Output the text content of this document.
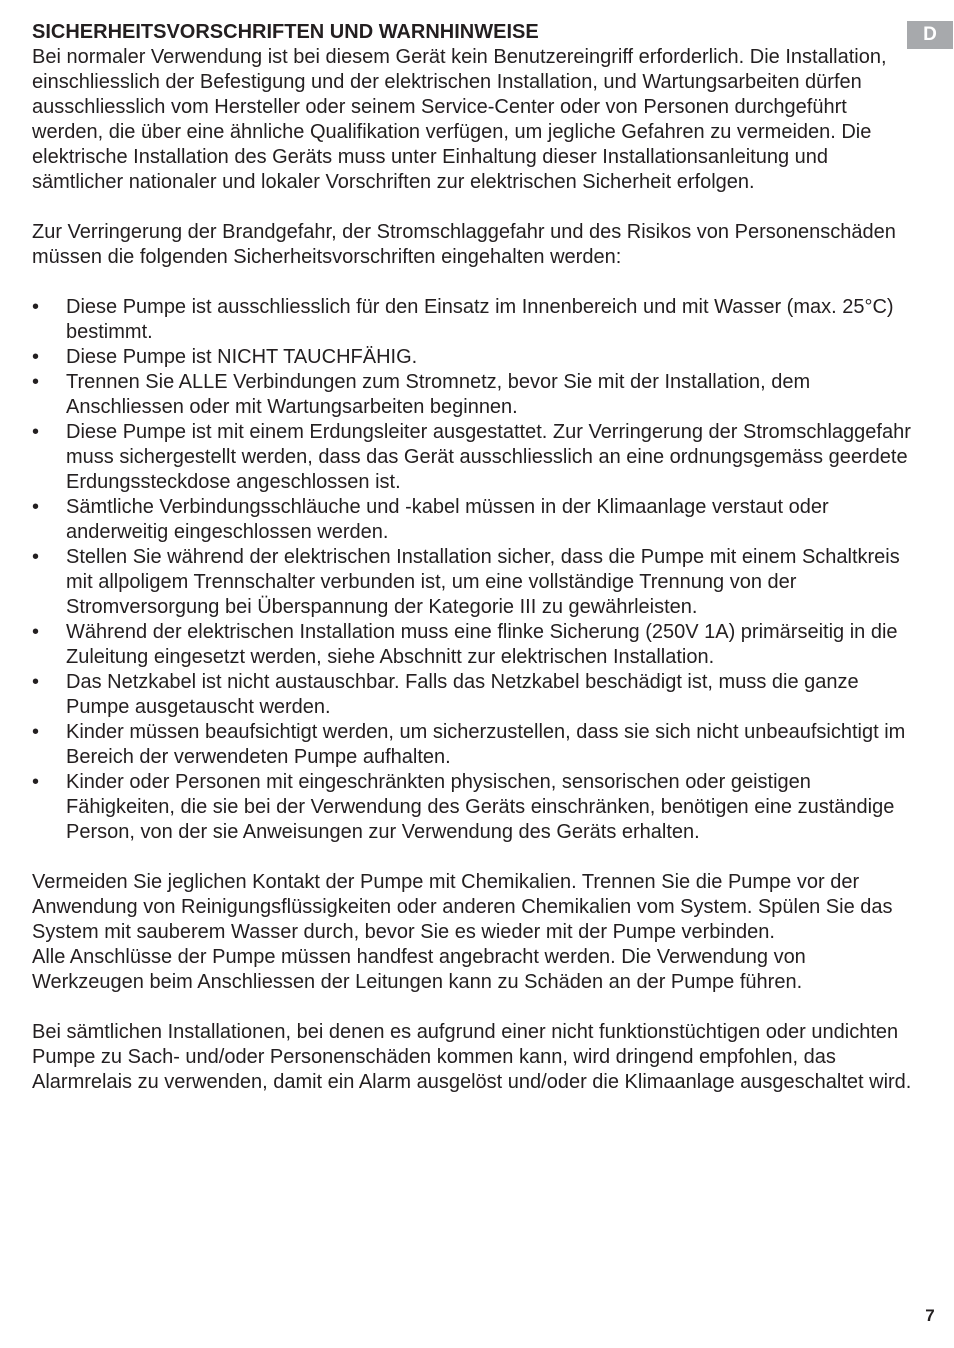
D
SICHERHEITSVORSCHRIFTEN UND WARNHINWEISE

Bei normaler Verwendung ist bei diesem Gerät kein Benutzereingriff erforderlich. Die Installation, einschliesslich der Befestigung und der elektrischen Installation, und Wartungsarbeiten dürfen ausschliesslich vom Hersteller oder seinem Service-Center oder von Personen durchgeführt werden, die über eine ähnliche Qualifikation verfügen, um jegliche Gefahren zu vermeiden. Die elektrische Installation des Geräts muss unter Einhaltung dieser Installationsanleitung und sämtlicher nationaler und lokaler Vorschriften zur elektrischen Sicherheit erfolgen.

Zur Verringerung der Brandgefahr, der Stromschlaggefahr und des Risikos von Personenschäden müssen die folgenden Sicherheitsvorschriften eingehalten werden:

• Diese Pumpe ist ausschliesslich für den Einsatz im Innenbereich und mit Wasser (max. 25°C) bestimmt.
• Diese Pumpe ist NICHT TAUCHFÄHIG.
• Trennen Sie ALLE Verbindungen zum Stromnetz, bevor Sie mit der Installation, dem Anschliessen oder mit Wartungsarbeiten beginnen.
• Diese Pumpe ist mit einem Erdungsleiter ausgestattet. Zur Verringerung der Stromschlaggefahr muss sichergestellt werden, dass das Gerät ausschliesslich an eine ordnungsgemäss geerdete Erdungssteckdose angeschlossen ist.
• Sämtliche Verbindungsschläuche und -kabel müssen in der Klimaanlage verstaut oder anderweitig eingeschlossen werden.
• Stellen Sie während der elektrischen Installation sicher, dass die Pumpe mit einem Schaltkreis mit allpoligem Trennschalter verbunden ist, um eine vollständige Trennung von der Stromversorgung bei Überspannung der Kategorie III zu gewährleisten.
• Während der elektrischen Installation muss eine flinke Sicherung (250V 1A) primärseitig in die Zuleitung eingesetzt werden, siehe Abschnitt zur elektrischen Installation.
• Das Netzkabel ist nicht austauschbar. Falls das Netzkabel beschädigt ist, muss die ganze Pumpe ausgetauscht werden.
• Kinder müssen beaufsichtigt werden, um sicherzustellen, dass sie sich nicht unbeaufsichtigt im Bereich der verwendeten Pumpe aufhalten.
• Kinder oder Personen mit eingeschränkten physischen, sensorischen oder geistigen Fähigkeiten, die sie bei der Verwendung des Geräts einschränken, benötigen eine zuständige Person, von der sie Anweisungen zur Verwendung des Geräts erhalten.

Vermeiden Sie jeglichen Kontakt der Pumpe mit Chemikalien. Trennen Sie die Pumpe vor der Anwendung von Reinigungsflüssigkeiten oder anderen Chemikalien vom System. Spülen Sie das System mit sauberem Wasser durch, bevor Sie es wieder mit der Pumpe verbinden.

Alle Anschlüsse der Pumpe müssen handfest angebracht werden. Die Verwendung von Werkzeugen beim Anschliessen der Leitungen kann zu Schäden an der Pumpe führen.

Bei sämtlichen Installationen, bei denen es aufgrund einer nicht funktionstüchtigen oder undichten Pumpe zu Sach- und/oder Personenschäden kommen kann, wird dringend empfohlen, das Alarmrelais zu verwenden, damit ein Alarm ausgelöst und/oder die Klimaanlage ausgeschaltet wird.

7
